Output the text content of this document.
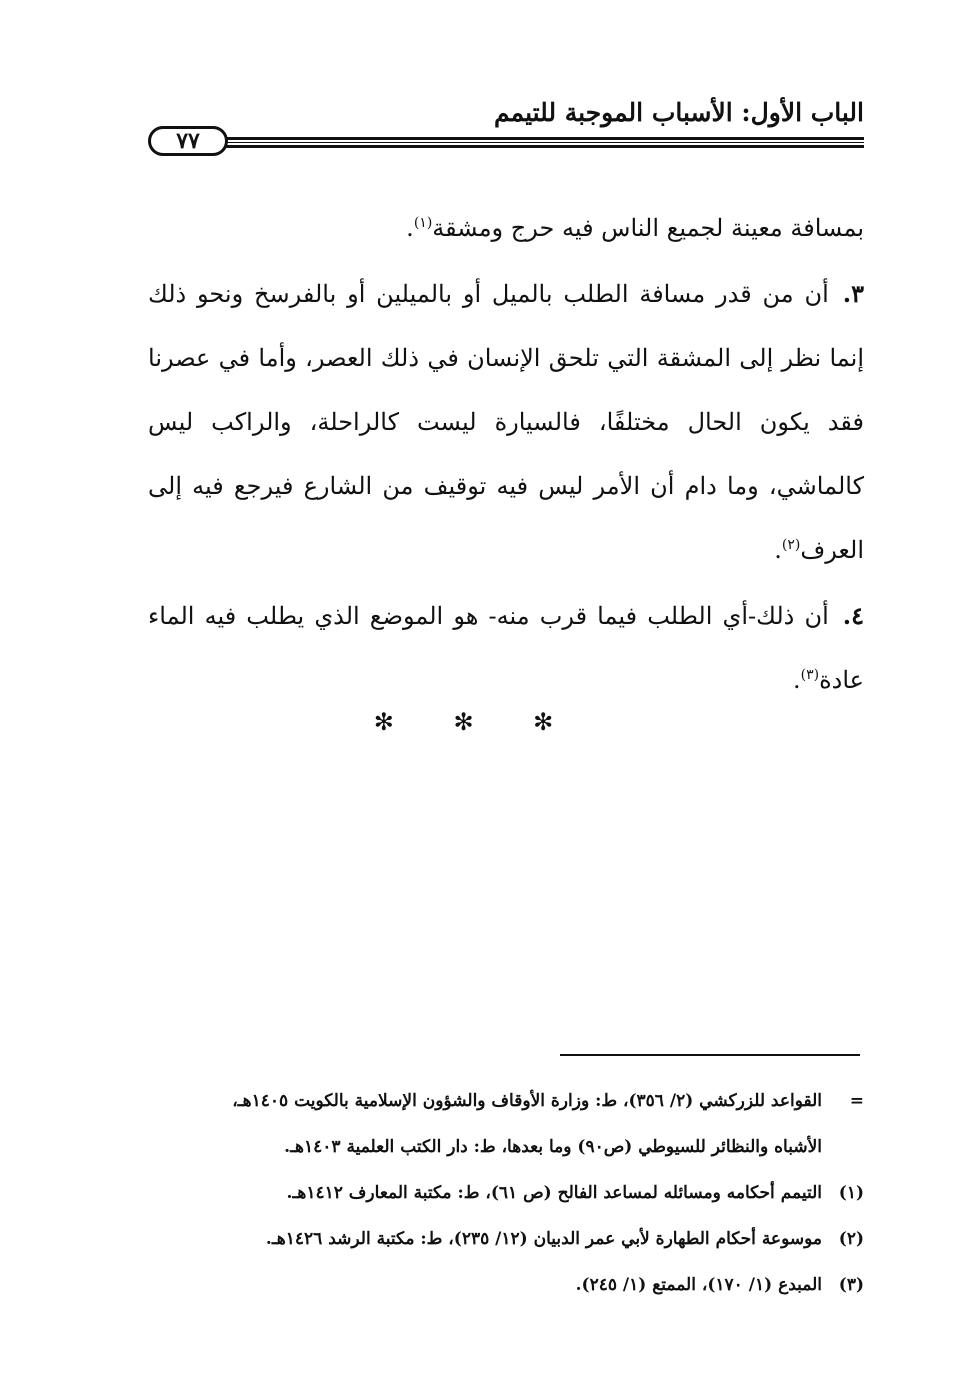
الباب الأول: الأسباب الموجبة للتيمم
٧٧

بمسافة معينة لجميع الناس فيه حرج ومشقة$^{(١)}$.

٣.أن من قدر مسافة الطلب بالميل أو بالميلين أو بالفرسخ ونحو ذلك إنما نظر إلى المشقة التي تلحق الإنسان في ذلك العصر، وأما في عصرنا فقد يكون الحال مختلفًا، فالسيارة ليست كالراحلة، والراكب ليس كالماشي، وما دام أن الأمر ليس فيه توقيف من الشارع فيرجع فيه إلى العرف$^{(٢)}$.

٤.أن ذلك-أي الطلب فيما قرب منه- هو الموضع الذي يطلب فيه الماء عادة$^{(٣)}$.

✻ ✻ ✻
=القواعد للزركشي (٢/ ٣٥٦)، ط: وزارة الأوقاف والشؤون الإسلامية بالكويت ١٤٠٥هـ،
الأشباه والنظائر للسيوطي (ص٩٠) وما بعدها، ط: دار الكتب العلمية ١٤٠٣هـ.
(١)التيمم أحكامه ومسائله لمساعد الفالح (ص ٦١)، ط: مكتبة المعارف ١٤١٢هـ.
(٢)موسوعة أحكام الطهارة لأبي عمر الدبيان (١٢/ ٢٣٥)، ط: مكتبة الرشد ١٤٢٦هـ.
(٣)المبدع (١/ ١٧٠)، الممتع (١/ ٢٤٥).
